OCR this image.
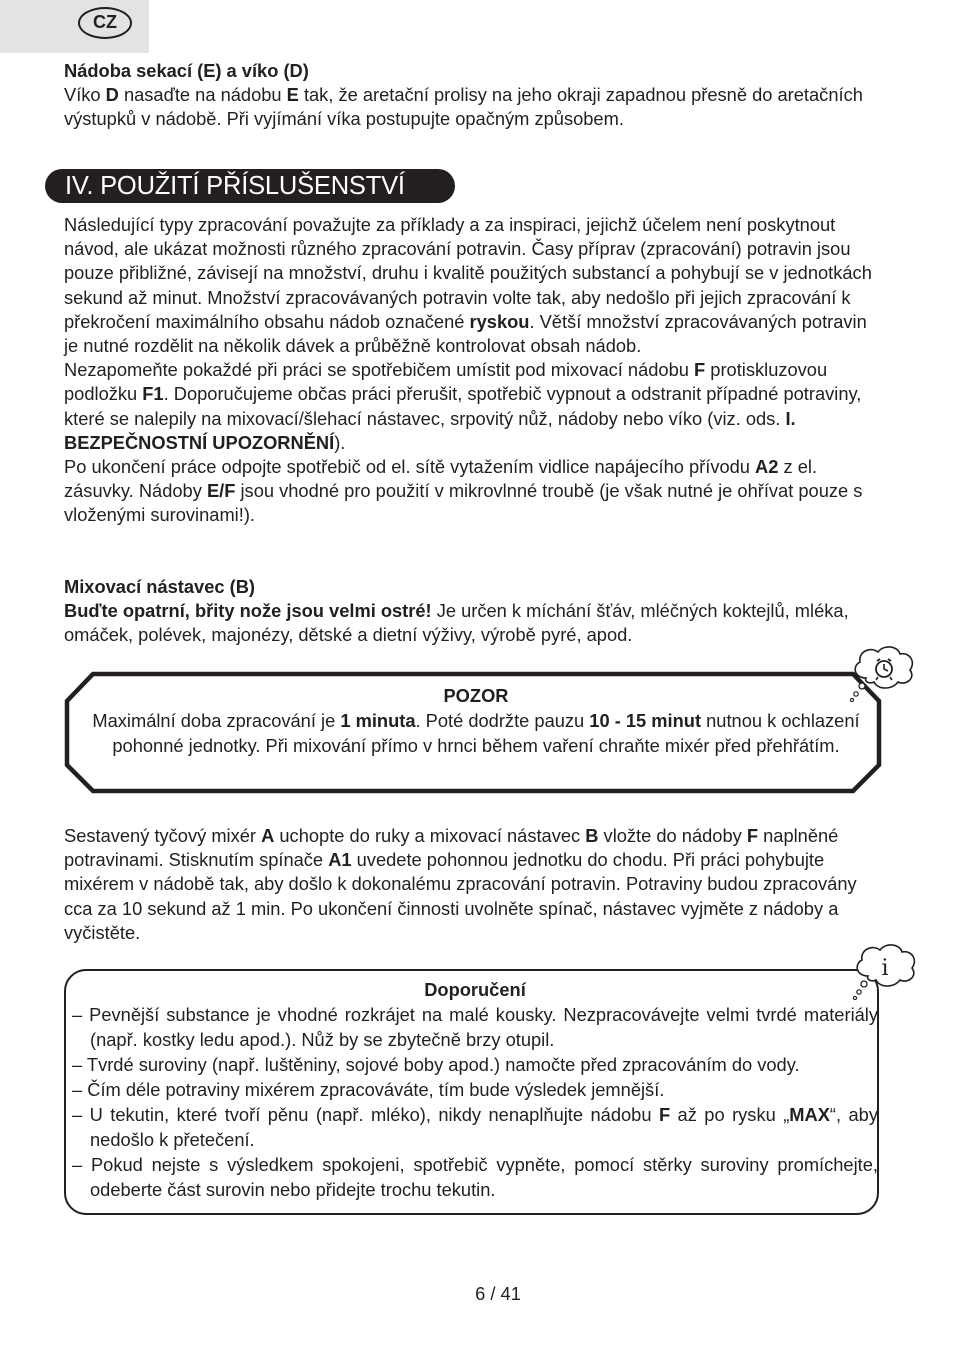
CZ

Nádoba sekací (E) a víko (D)

Víko D nasaďte na nádobu E tak, že aretační prolisy na jeho okraji zapadnou přesně do aretačních výstupků v nádobě. Při vyjímání víka postupujte opačným způsobem.

IV. POUŽITÍ PŘÍSLUŠENSTVÍ

Následující typy zpracování považujte za příklady a za inspiraci, jejichž účelem není poskytnout návod, ale ukázat možnosti různého zpracování potravin. Časy příprav (zpracování) potravin jsou pouze přibližné, závisejí na množství, druhu i kvalitě použitých substancí a pohybují se v jednotkách sekund až minut. Množství zpracovávaných potravin volte tak, aby nedošlo při jejich zpracování k překročení maximálního obsahu nádob označené ryskou. Větší množství zpracovávaných potravin je nutné rozdělit na několik dávek a průběžně kontrolovat obsah nádob.

Nezapomeňte pokaždé při práci se spotřebičem umístit pod mixovací nádobu F protiskluzovou podložku F1. Doporučujeme občas práci přerušit, spotřebič vypnout a odstranit případné potraviny, které se nalepily na mixovací/šlehací nástavec, srpovitý nůž, nádoby nebo víko (viz. ods. I. BEZPEČNOSTNÍ UPOZORNĚNÍ).

Po ukončení práce odpojte spotřebič od el. sítě vytažením vidlice napájecího přívodu A2 z el. zásuvky. Nádoby E/F jsou vhodné pro použití v mikrovlnné troubě (je však nutné je ohřívat pouze s vloženými surovinami!).

Mixovací nástavec (B)

Buďte opatrní, břity nože jsou velmi ostré! Je určen k míchání šťáv, mléčných koktejlů, mléka, omáček, polévek, majonézy, dětské a dietní výživy, výrobě pyré, apod.

POZOR

Maximální doba zpracování je 1 minuta. Poté dodržte pauzu 10 - 15 minut nutnou k ochlazení pohonné jednotky. Při mixování přímo v hrnci během vaření chraňte mixér před přehřátím.

Sestavený tyčový mixér A uchopte do ruky a mixovací nástavec B vložte do nádoby F naplněné potravinami. Stisknutím spínače A1 uvedete pohonnou jednotku do chodu. Při práci pohybujte mixérem v nádobě tak, aby došlo k dokonalému zpracování potravin. Potraviny budou zpracovány cca za 10 sekund až 1 min. Po ukončení činnosti uvolněte spínač, nástavec vyjměte z nádoby a vyčistěte.

Doporučení

– Pevnější substance je vhodné rozkrájet na malé kousky. Nezpracovávejte velmi tvrdé materiály (např. kostky ledu apod.). Nůž by se zbytečně brzy otupil.

– Tvrdé suroviny (např. luštěniny, sojové boby apod.) namočte před zpracováním do vody.

– Čím déle potraviny mixérem zpracováváte, tím bude výsledek jemnější.

– U tekutin, které tvoří pěnu (např. mléko), nikdy nenaplňujte nádobu F až po rysku „MAX“, aby nedošlo k přetečení.

– Pokud nejste s výsledkem spokojeni, spotřebič vypněte, pomocí stěrky suroviny promíchejte, odeberte část surovin nebo přidejte trochu tekutin.

i
6 / 41
